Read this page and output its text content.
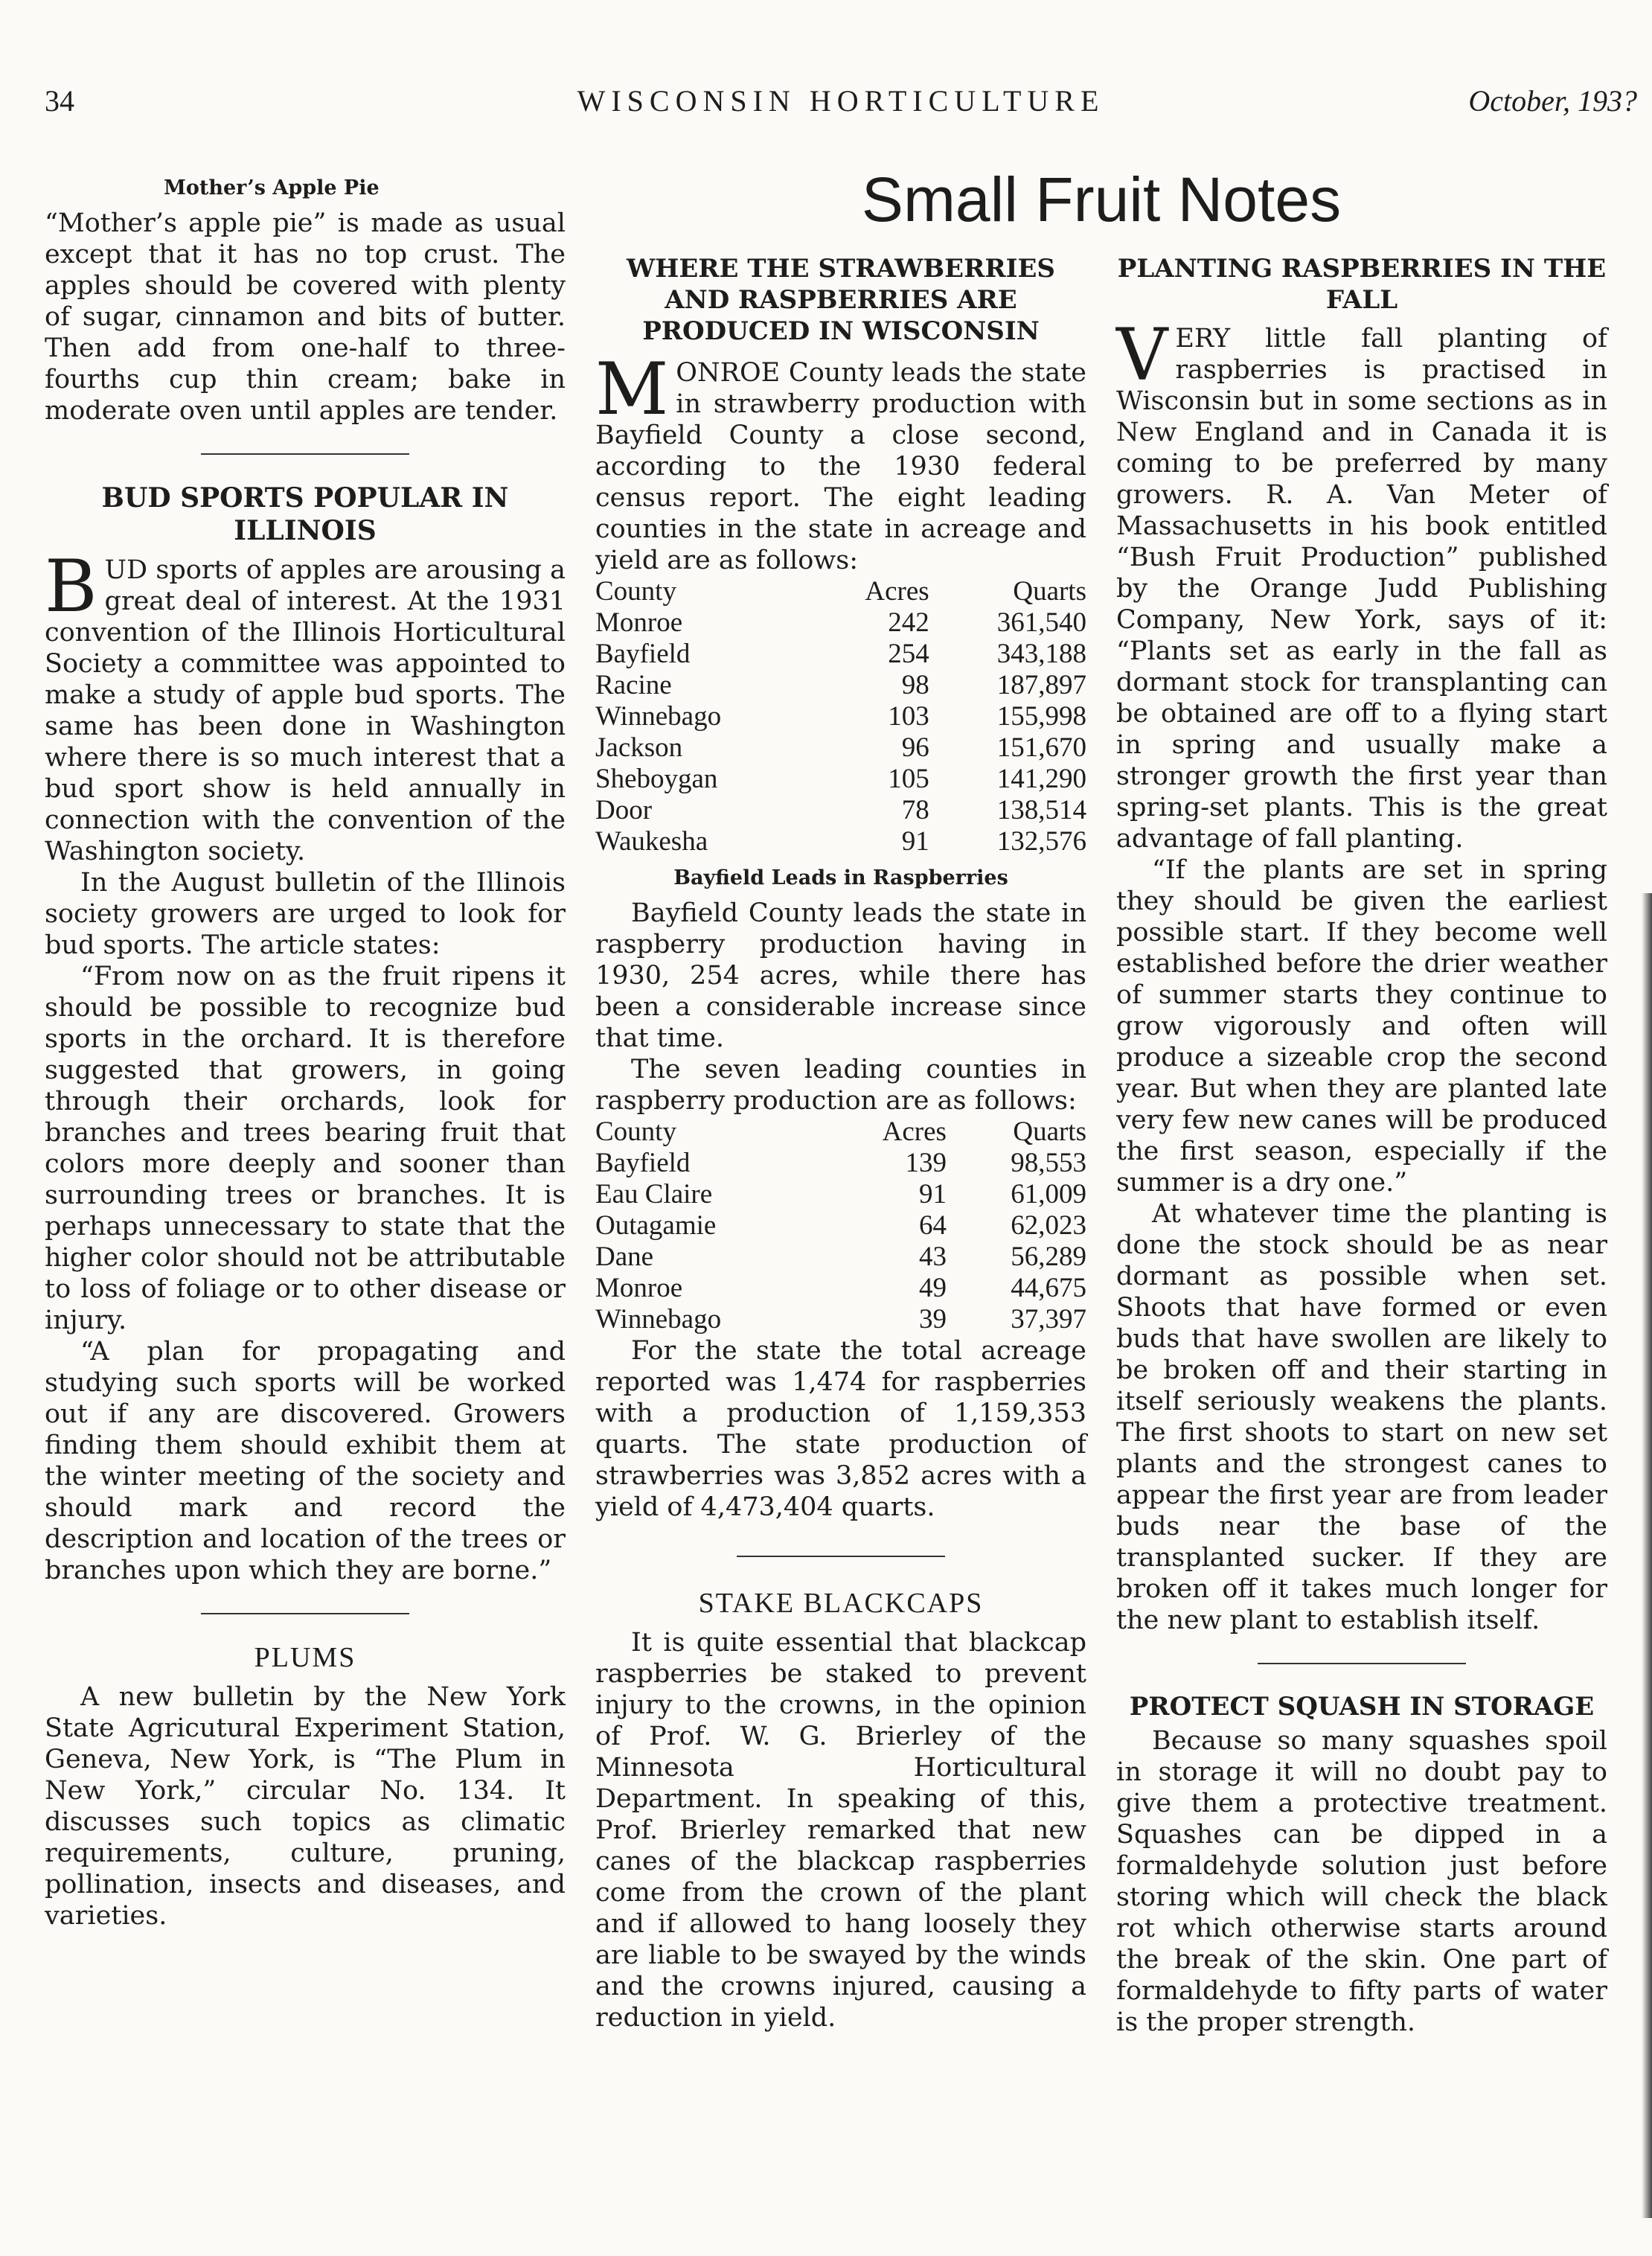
34	WISCONSIN HORTICULTURE	October, 193?
Small Fruit Notes
Mother’s Apple Pie

“Mother’s apple pie” is made as usual except that it has no top crust. The apples should be covered with plenty of sugar, cinnamon and bits of butter. Then add from one-half to three-fourths cup thin cream; bake in moderate oven until apples are tender.

BUD SPORTS POPULAR IN ILLINOIS

BUD sports of apples are arousing a great deal of interest. At the 1931 convention of the Illinois Horticultural Society a committee was appointed to make a study of apple bud sports. The same has been done in Washington where there is so much interest that a bud sport show is held annually in connection with the convention of the Washington society.

In the August bulletin of the Illinois society growers are urged to look for bud sports. The article states:

“From now on as the fruit ripens it should be possible to recognize bud sports in the orchard. It is therefore suggested that growers, in going through their orchards, look for branches and trees bearing fruit that colors more deeply and sooner than surrounding trees or branches. It is perhaps unnecessary to state that the higher color should not be attributable to loss of foliage or to other disease or injury.

“A plan for propagating and studying such sports will be worked out if any are discovered. Growers finding them should exhibit them at the winter meeting of the society and should mark and record the description and location of the trees or branches upon which they are borne.”

PLUMS

A new bulletin by the New York State Agricutural Experiment Station, Geneva, New York, is “The Plum in New York,” circular No. 134. It discusses such topics as climatic requirements, culture, pruning, pollination, insects and diseases, and varieties.

WHERE THE STRAWBERRIES AND RASPBERRIES ARE PRODUCED IN WISCONSIN

MONROE County leads the state in strawberry production with Bayfield County a close second, according to the 1930 federal census report. The eight leading counties in the state in acreage and yield are as follows:

County	Acres	Quarts
Monroe	242	361,540
Bayfield	254	343,188
Racine	98	187,897
Winnebago	103	155,998
Jackson	96	151,670
Sheboygan	105	141,290
Door	78	138,514
Waukesha	91	132,576
Bayfield Leads in Raspberries

Bayfield County leads the state in raspberry production having in 1930, 254 acres, while there has been a considerable increase since that time.

The seven leading counties in raspberry production are as follows:

County	Acres	Quarts
Bayfield	139	98,553
Eau Claire	91	61,009
Outagamie	64	62,023
Dane	43	56,289
Monroe	49	44,675
Winnebago	39	37,397

For the state the total acreage reported was 1,474 for raspberries with a production of 1,159,353 quarts. The state production of strawberries was 3,852 acres with a yield of 4,473,404 quarts.

STAKE BLACKCAPS

It is quite essential that blackcap raspberries be staked to prevent injury to the crowns, in the opinion of Prof. W. G. Brierley of the Minnesota Horticultural Department. In speaking of this, Prof. Brierley remarked that new canes of the blackcap raspberries come from the crown of the plant and if allowed to hang loosely they are liable to be swayed by the winds and the crowns injured, causing a reduction in yield.

PLANTING RASPBERRIES IN THE FALL

VERY little fall planting of raspberries is practised in Wisconsin but in some sections as in New England and in Canada it is coming to be preferred by many growers. R. A. Van Meter of Massachusetts in his book entitled “Bush Fruit Production” published by the Orange Judd Publishing Company, New York, says of it: “Plants set as early in the fall as dormant stock for transplanting can be obtained are off to a flying start in spring and usually make a stronger growth the first year than spring-set plants. This is the great advantage of fall planting.

“If the plants are set in spring they should be given the earliest possible start. If they become well established before the drier weather of summer starts they continue to grow vigorously and often will produce a sizeable crop the second year. But when they are planted late very few new canes will be produced the first season, especially if the summer is a dry one.”

At whatever time the planting is done the stock should be as near dormant as possible when set. Shoots that have formed or even buds that have swollen are likely to be broken off and their starting in itself seriously weakens the plants. The first shoots to start on new set plants and the strongest canes to appear the first year are from leader buds near the base of the transplanted sucker. If they are broken off it takes much longer for the new plant to establish itself.

PROTECT SQUASH IN STORAGE

Because so many squashes spoil in storage it will no doubt pay to give them a protective treatment. Squashes can be dipped in a formaldehyde solution just before storing which will check the black rot which otherwise starts around the break of the skin. One part of formaldehyde to fifty parts of water is the proper strength.
